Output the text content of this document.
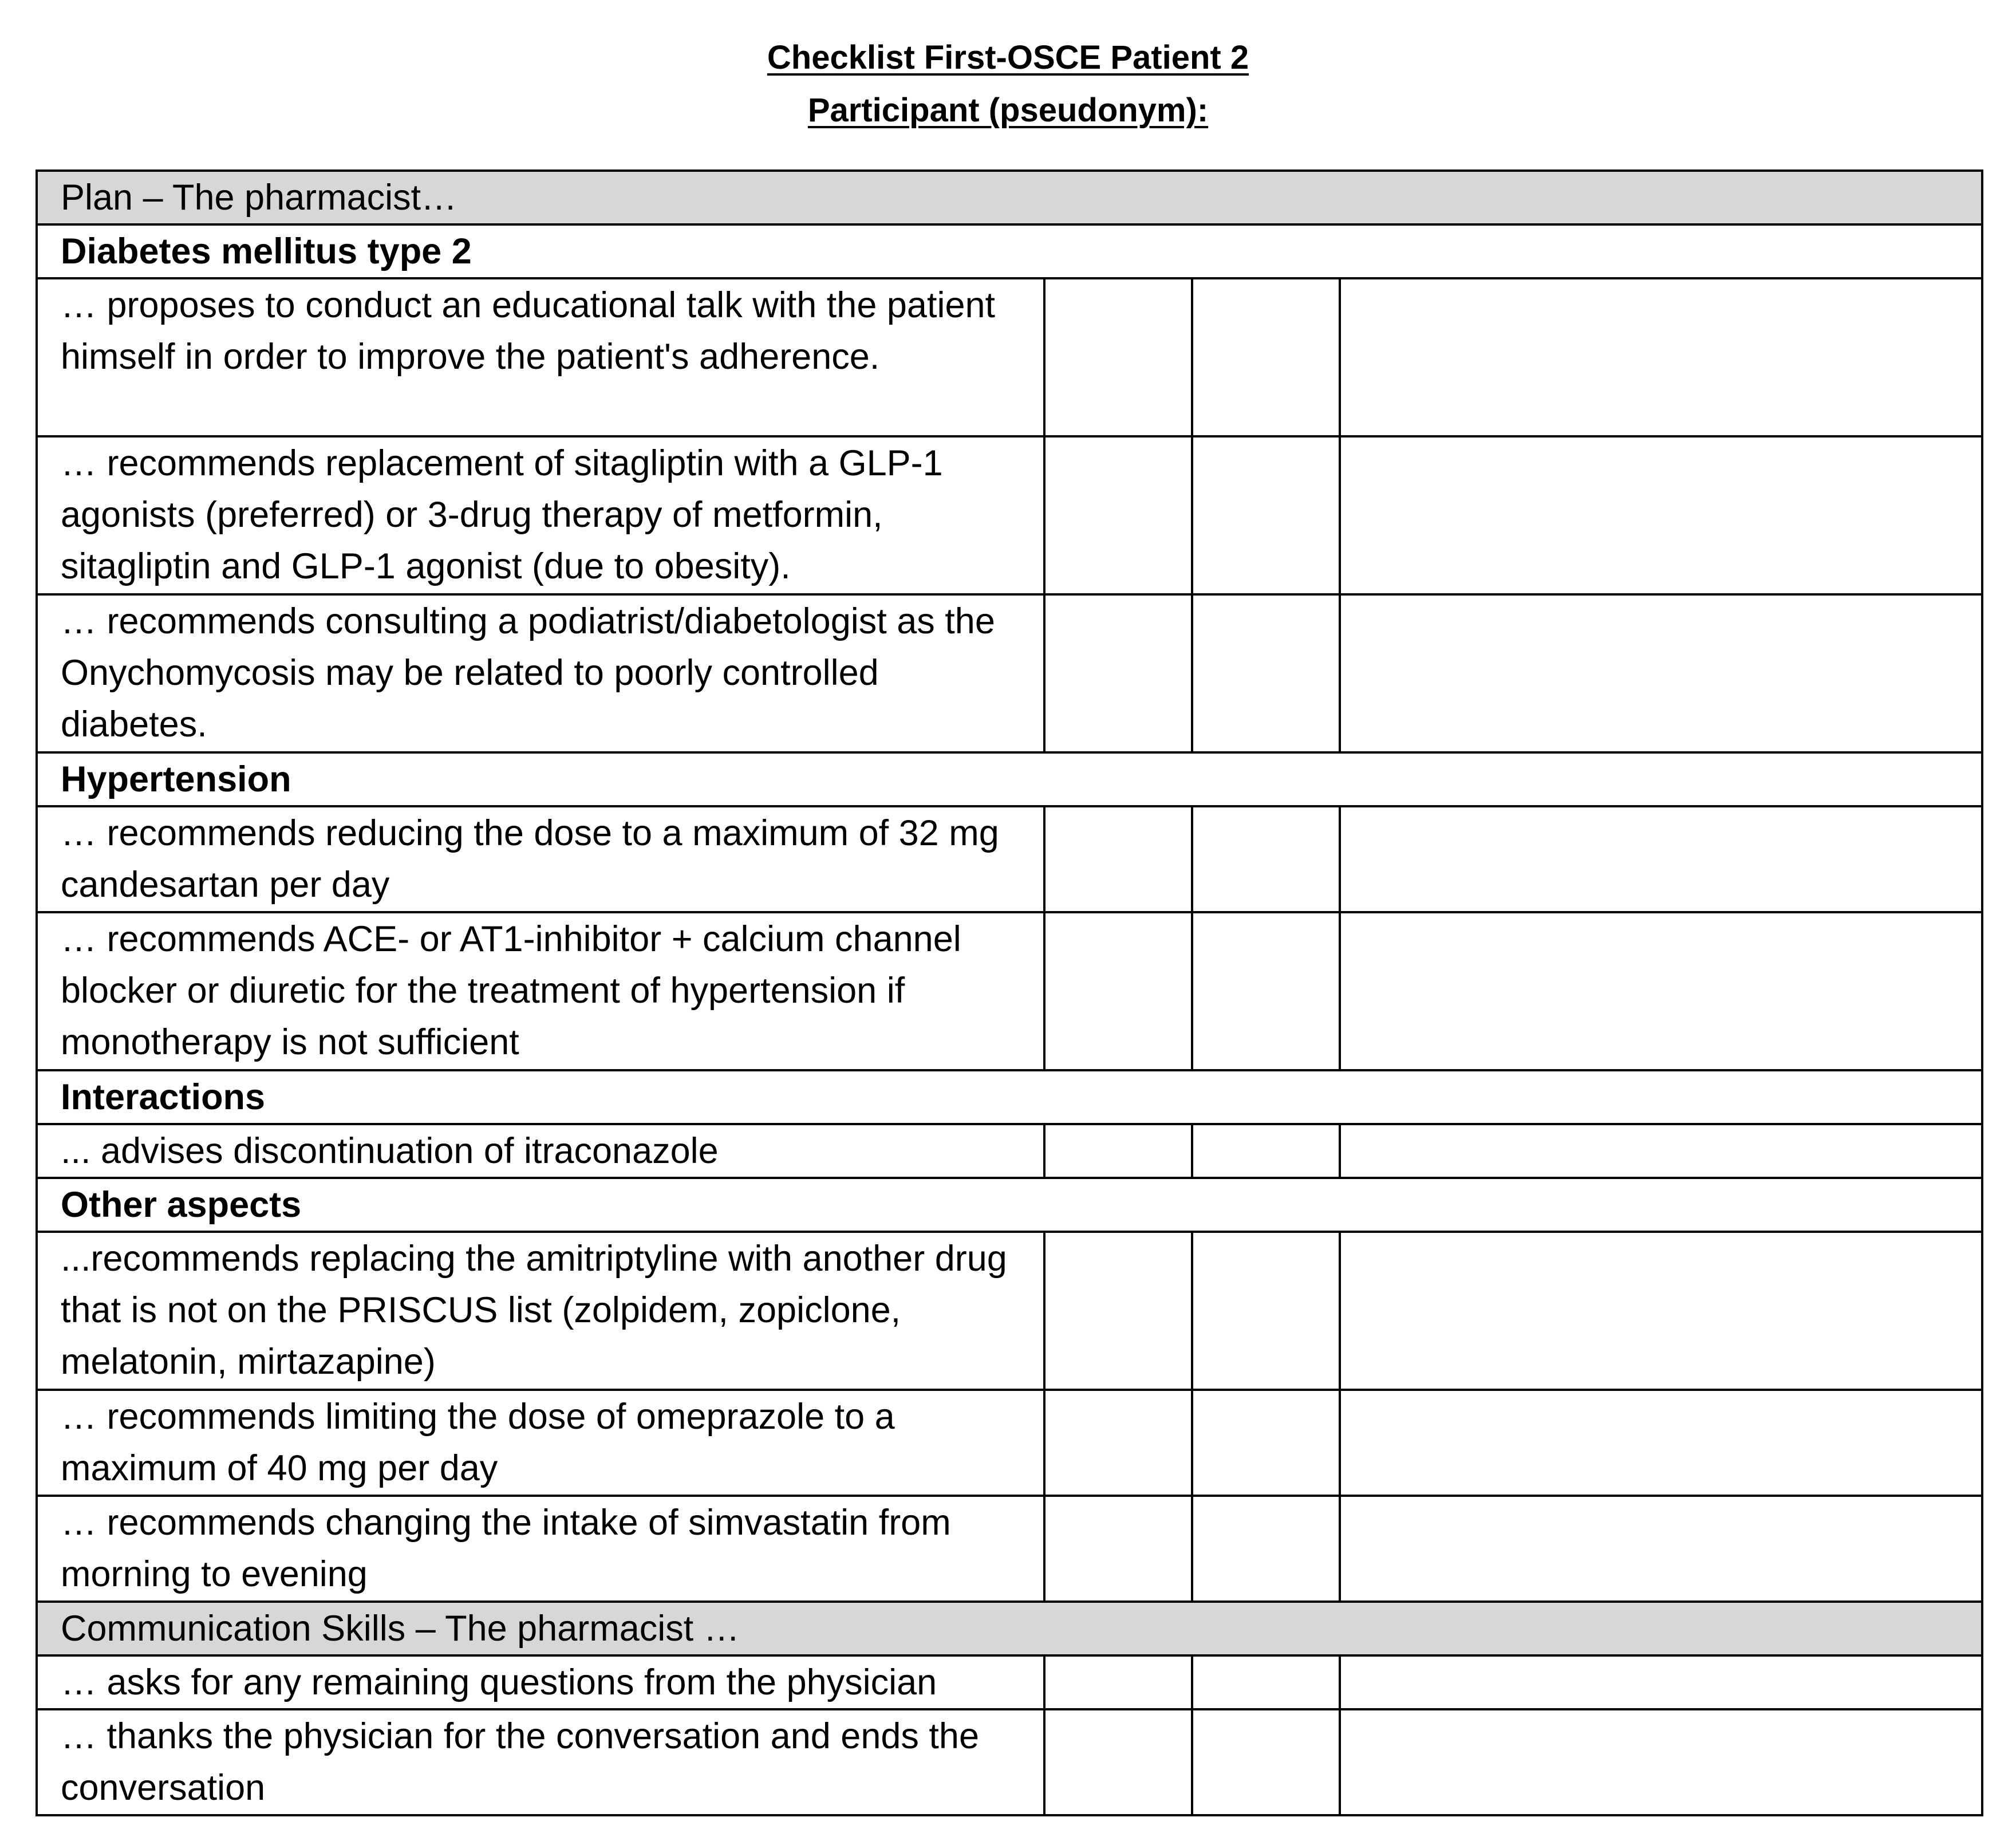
Checklist First-OSCE Patient 2
Participant (pseudonym):
Plan – The pharmacist…			
Diabetes mellitus type 2			
… proposes to conduct an educational talk with the patient himself in order to improve the patient's adherence.			
… recommends replacement of sitagliptin with a GLP-1 agonists (preferred) or 3-drug therapy of metformin, sitagliptin and GLP-1 agonist (due to obesity).			
… recommends consulting a podiatrist/diabetologist as the Onychomycosis may be related to poorly controlled diabetes.			
Hypertension			
… recommends reducing the dose to a maximum of 32 mg candesartan per day			
… recommends ACE- or AT1-inhibitor + calcium channel blocker or diuretic for the treatment of hypertension if monotherapy is not sufficient			
Interactions			
... advises discontinuation of itraconazole			
Other aspects			
...recommends replacing the amitriptyline with another drug that is not on the PRISCUS list (zolpidem, zopiclone, melatonin, mirtazapine)			
… recommends limiting the dose of omeprazole to a maximum of 40 mg per day			
… recommends changing the intake of simvastatin from morning to evening			
Communication Skills – The pharmacist …			
… asks for any remaining questions from the physician			
… thanks the physician for the conversation and ends the conversation			
